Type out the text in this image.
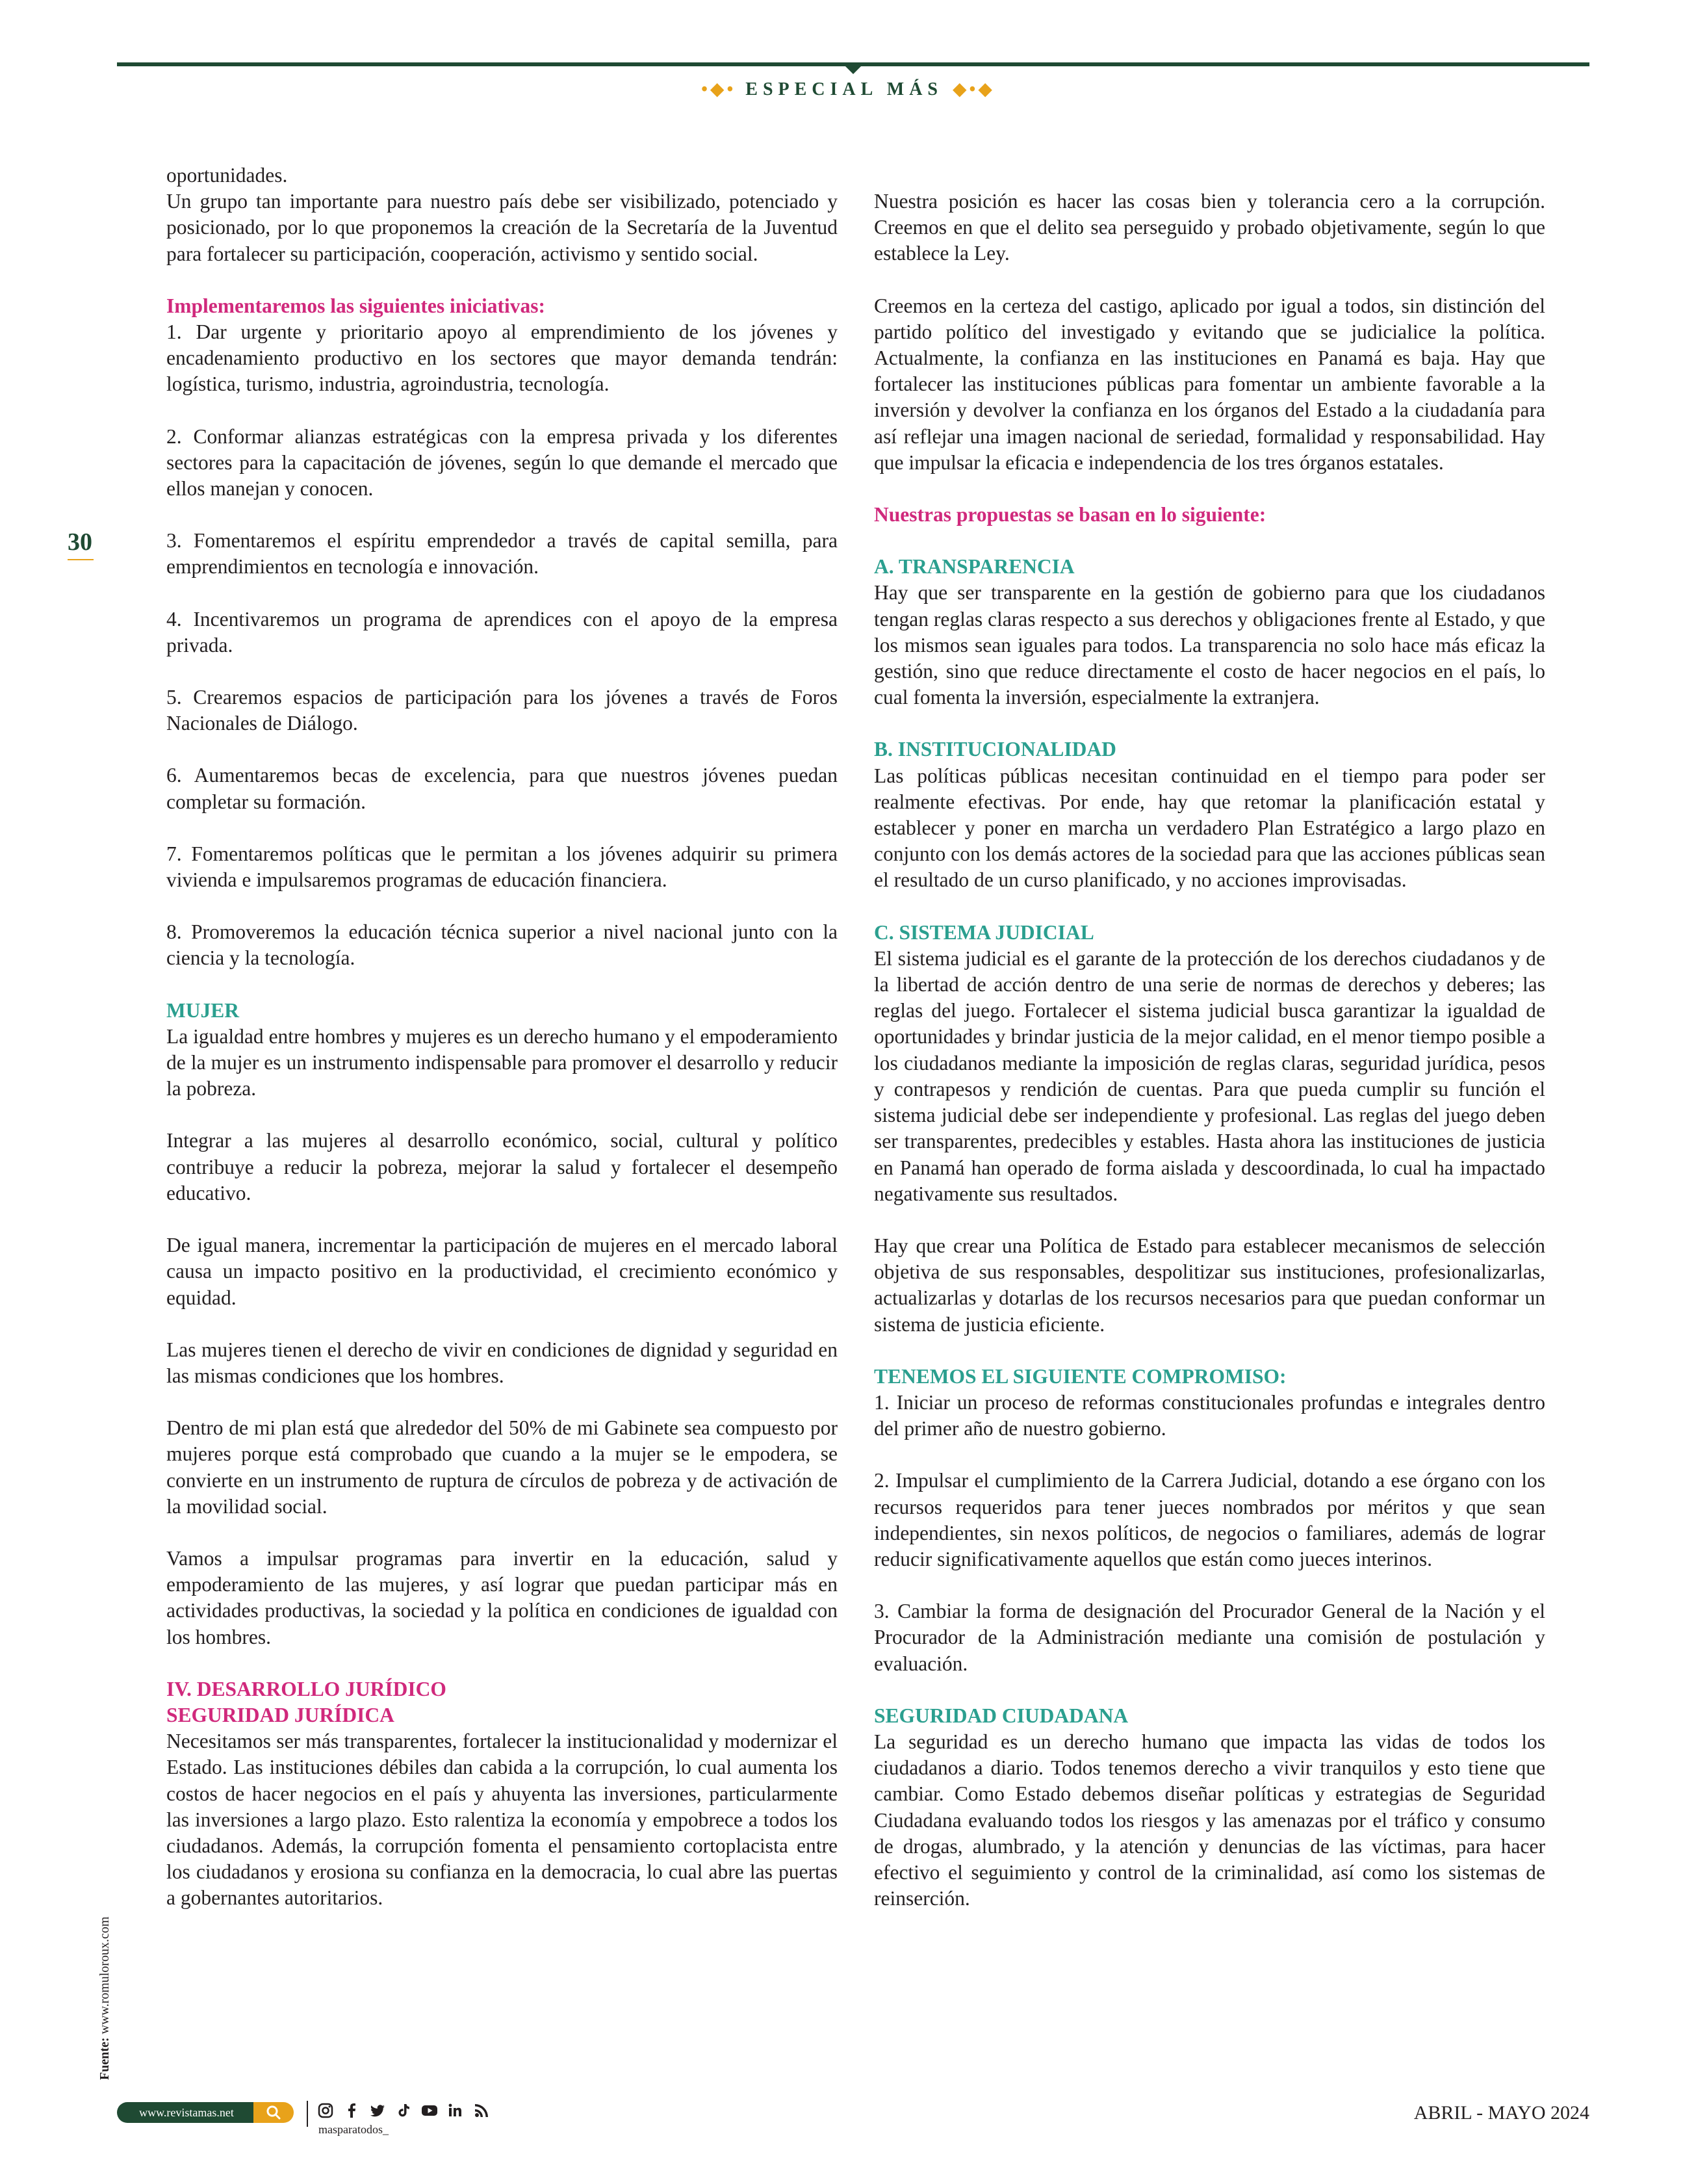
•◆• ESPECIAL MÁS ◆•◆
30
Fuente: www.romuloroux.com

oportunidades.

Un grupo tan importante para nuestro país debe ser visibilizado, potenciado y posicionado, por lo que proponemos la creación de la Secretaría de la Juventud para fortalecer su participación, cooperación, activismo y sentido social.

Implementaremos las siguientes iniciativas:

1. Dar urgente y prioritario apoyo al emprendimiento de los jóvenes y encadenamiento productivo en los sectores que mayor demanda tendrán: logística, turismo, industria, agroindustria, tecnología.

2. Conformar alianzas estratégicas con la empresa privada y los diferentes sectores para la capacitación de jóvenes, según lo que demande el mercado que ellos manejan y conocen.

3. Fomentaremos el espíritu emprendedor a través de capital semilla, para emprendimientos en tecnología e innovación.

4. Incentivaremos un programa de aprendices con el apoyo de la empresa privada.

5. Crearemos espacios de participación para los jóvenes a través de Foros Nacionales de Diálogo.

6. Aumentaremos becas de excelencia, para que nuestros jóvenes puedan completar su formación.

7. Fomentaremos políticas que le permitan a los jóvenes adquirir su primera vivienda e impulsaremos programas de educación financiera.

8. Promoveremos la educación técnica superior a nivel nacional junto con la ciencia y la tecnología.

MUJER

La igualdad entre hombres y mujeres es un derecho humano y el empoderamiento de la mujer es un instrumento indispensable para promover el desarrollo y reducir la pobreza.

Integrar a las mujeres al desarrollo económico, social, cultural y político contribuye a reducir la pobreza, mejorar la salud y fortalecer el desempeño educativo.

De igual manera, incrementar la participación de mujeres en el mercado laboral causa un impacto positivo en la productividad, el crecimiento económico y equidad.

Las mujeres tienen el derecho de vivir en condiciones de dignidad y seguridad en las mismas condiciones que los hombres.

Dentro de mi plan está que alrededor del 50% de mi Gabinete sea compuesto por mujeres porque está comprobado que cuando a la mujer se le empodera, se convierte en un instrumento de ruptura de círculos de pobreza y de activación de la movilidad social.

Vamos a impulsar programas para invertir en la educación, salud y empoderamiento de las mujeres, y así lograr que puedan participar más en actividades productivas, la sociedad y la política en condiciones de igualdad con los hombres.

IV. DESARROLLO JURÍDICO
SEGURIDAD JURÍDICA

Necesitamos ser más transparentes, fortalecer la institucionalidad y modernizar el Estado. Las instituciones débiles dan cabida a la corrupción, lo cual aumenta los costos de hacer negocios en el país y ahuyenta las inversiones, particularmente las inversiones a largo plazo. Esto ralentiza la economía y empobrece a todos los ciudadanos. Además, la corrupción fomenta el pensamiento cortoplacista entre los ciudadanos y erosiona su confianza en la democracia, lo cual abre las puertas a gobernantes autoritarios.

Nuestra posición es hacer las cosas bien y tolerancia cero a la corrupción. Creemos en que el delito sea perseguido y probado objetivamente, según lo que establece la Ley.

Creemos en la certeza del castigo, aplicado por igual a todos, sin distinción del partido político del investigado y evitando que se judicialice la política. Actualmente, la confianza en las instituciones en Panamá es baja. Hay que fortalecer las instituciones públicas para fomentar un ambiente favorable a la inversión y devolver la confianza en los órganos del Estado a la ciudadanía para así reflejar una imagen nacional de seriedad, formalidad y responsabilidad. Hay que impulsar la eficacia e independencia de los tres órganos estatales.

Nuestras propuestas se basan en lo siguiente:
A. TRANSPARENCIA

Hay que ser transparente en la gestión de gobierno para que los ciudadanos tengan reglas claras respecto a sus derechos y obligaciones frente al Estado, y que los mismos sean iguales para todos. La transparencia no solo hace más eficaz la gestión, sino que reduce directamente el costo de hacer negocios en el país, lo cual fomenta la inversión, especialmente la extranjera.

B. INSTITUCIONALIDAD

Las políticas públicas necesitan continuidad en el tiempo para poder ser realmente efectivas. Por ende, hay que retomar la planificación estatal y establecer y poner en marcha un verdadero Plan Estratégico a largo plazo en conjunto con los demás actores de la sociedad para que las acciones públicas sean el resultado de un curso planificado, y no acciones improvisadas.

C. SISTEMA JUDICIAL

El sistema judicial es el garante de la protección de los derechos ciudadanos y de la libertad de acción dentro de una serie de normas de derechos y deberes; las reglas del juego. Fortalecer el sistema judicial busca garantizar la igualdad de oportunidades y brindar justicia de la mejor calidad, en el menor tiempo posible a los ciudadanos mediante la imposición de reglas claras, seguridad jurídica, pesos y contrapesos y rendición de cuentas. Para que pueda cumplir su función el sistema judicial debe ser independiente y profesional. Las reglas del juego deben ser transparentes, predecibles y estables. Hasta ahora las instituciones de justicia en Panamá han operado de forma aislada y descoordinada, lo cual ha impactado negativamente sus resultados.

Hay que crear una Política de Estado para establecer mecanismos de selección objetiva de sus responsables, despolitizar sus instituciones, profesionalizarlas, actualizarlas y dotarlas de los recursos necesarios para que puedan conformar un sistema de justicia eficiente.

TENEMOS EL SIGUIENTE COMPROMISO:

1. Iniciar un proceso de reformas constitucionales profundas e integrales dentro del primer año de nuestro gobierno.

2. Impulsar el cumplimiento de la Carrera Judicial, dotando a ese órgano con los recursos requeridos para tener jueces nombrados por méritos y que sean independientes, sin nexos políticos, de negocios o familiares, además de lograr reducir significativamente aquellos que están como jueces interinos.

3. Cambiar la forma de designación del Procurador General de la Nación y el Procurador de la Administración mediante una comisión de postulación y evaluación.

SEGURIDAD CIUDADANA

La seguridad es un derecho humano que impacta las vidas de todos los ciudadanos a diario. Todos tenemos derecho a vivir tranquilos y esto tiene que cambiar. Como Estado debemos diseñar políticas y estrategias de Seguridad Ciudadana evaluando todos los riesgos y las amenazas por el tráfico y consumo de drogas, alumbrado, y la atención y denuncias de las víctimas, para hacer efectivo el seguimiento y control de la criminalidad, así como los sistemas de reinserción.

www.revistamas.net
masparatodos_
ABRIL - MAYO 2024
